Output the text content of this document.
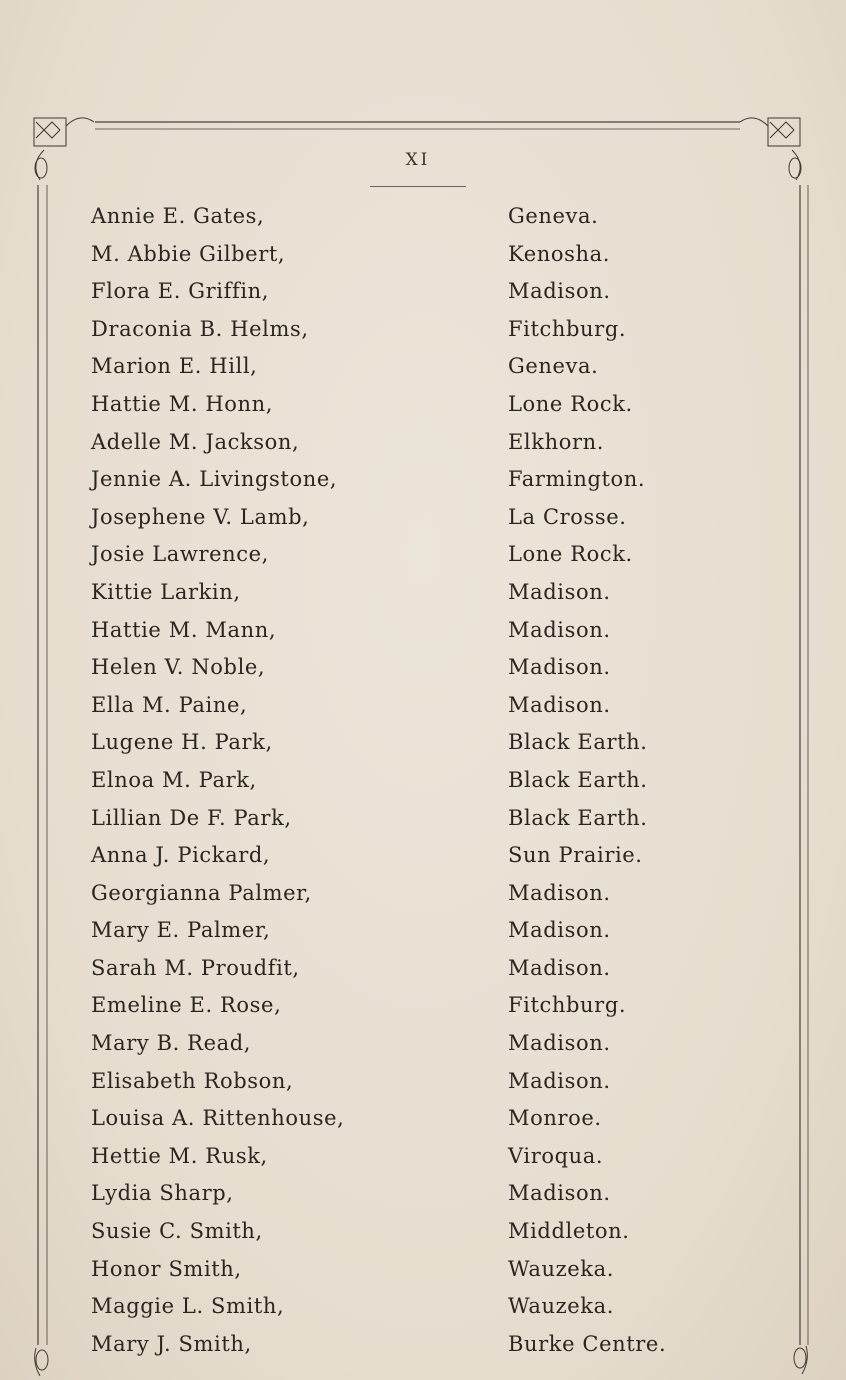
XI
Annie E. Gates,	Geneva.
M. Abbie Gilbert,	Kenosha.
Flora E. Griffin,	Madison.
Draconia B. Helms,	Fitchburg.
Marion E. Hill,	Geneva.
Hattie M. Honn,	Lone Rock.
Adelle M. Jackson,	Elkhorn.
Jennie A. Livingstone,	Farmington.
Josephene V. Lamb,	La Crosse.
Josie Lawrence,	Lone Rock.
Kittie Larkin,	Madison.
Hattie M. Mann,	Madison.
Helen V. Noble,	Madison.
Ella M. Paine,	Madison.
Lugene H. Park,	Black Earth.
Elnoa M. Park,	Black Earth.
Lillian De F. Park,	Black Earth.
Anna J. Pickard,	Sun Prairie.
Georgianna Palmer,	Madison.
Mary E. Palmer,	Madison.
Sarah M. Proudfit,	Madison.
Emeline E. Rose,	Fitchburg.
Mary B. Read,	Madison.
Elisabeth Robson,	Madison.
Louisa A. Rittenhouse,	Monroe.
Hettie M. Rusk,	Viroqua.
Lydia Sharp,	Madison.
Susie C. Smith,	Middleton.
Honor Smith,	Wauzeka.
Maggie L. Smith,	Wauzeka.
Mary J. Smith,	Burke Centre.
